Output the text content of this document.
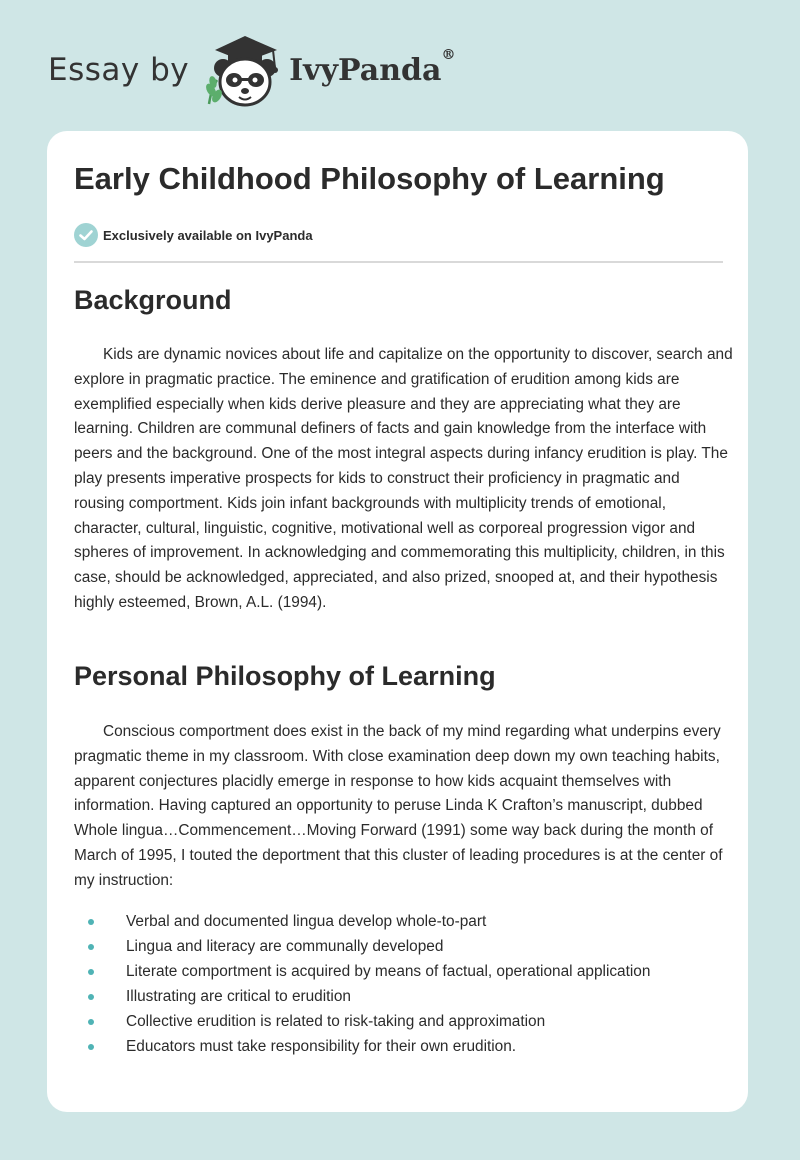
Essay by	IvyPanda®
Early Childhood Philosophy of Learning
Exclusively available on IvyPanda
Background

Kids are dynamic novices about life and capitalize on the opportunity to discover, search and explore in pragmatic practice. The eminence and gratification of erudition among kids are exemplified especially when kids derive pleasure and they are appreciating what they are learning. Children are communal definers of facts and gain knowledge from the interface with peers and the background. One of the most integral aspects during infancy erudition is play. The play presents imperative prospects for kids to construct their proficiency in pragmatic and rousing comportment. Kids join infant backgrounds with multiplicity trends of emotional, character, cultural, linguistic, cognitive, motivational well as corporeal progression vigor and spheres of improvement. In acknowledging and commemorating this multiplicity, children, in this case, should be acknowledged, appreciated, and also prized, snooped at, and their hypothesis highly esteemed, Brown, A.L. (1994).

Personal Philosophy of Learning

Conscious comportment does exist in the back of my mind regarding what underpins every pragmatic theme in my classroom. With close examination deep down my own teaching habits, apparent conjectures placidly emerge in response to how kids acquaint themselves with information. Having captured an opportunity to peruse Linda K Crafton’s manuscript, dubbed Whole lingua…Commencement…Moving Forward (1991) some way back during the month of March of 1995, I touted the deportment that this cluster of leading procedures is at the center of my instruction:

Verbal and documented lingua develop whole-to-part
Lingua and literacy are communally developed
Literate comportment is acquired by means of factual, operational application
Illustrating are critical to erudition
Collective erudition is related to risk-taking and approximation
Educators must take responsibility for their own erudition.
